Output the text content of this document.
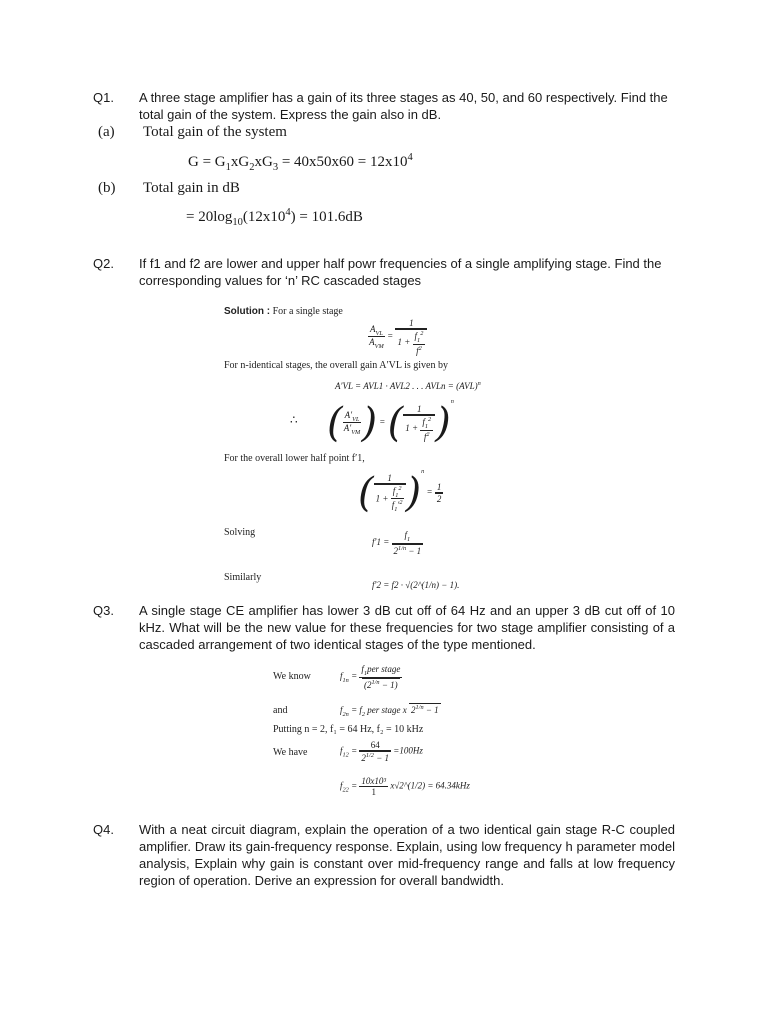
Q1. A three stage amplifier has a gain of its three stages as 40, 50, and 60 respectively. Find the total gain of the system. Express the gain also in dB.
(a) Total gain of the system
$G = G_1xG_2xG_3 = 40x50x60 = 12x10^4$
(b) Total gain in dB
= $20\log_{10}(12x10^4) = 101.6dB$
Q2. If f1 and f2 are lower and upper half powr frequencies of a single amplifying stage. Find the corresponding values for ‘n’ RC cascaded stages
Solution : For a single stage
$\frac{A_{VL}}{A_{VM}} = \frac{1}{1 + \frac{f_1^2}{f^2}}$
For n-identical stages, the overall gain A′VL is given by
A′VL = AVL1 · AVL2 . . . AVLn = (AVL)$^n$
∴ ( $\frac{A'_{VL}}{A'_{VM}}$ ) = ( $\frac{1}{1 + \frac{f_1^2}{f^2}} )^n$
For the overall lower half point f′1,
( $\frac{1}{1 + \frac{f_1^2}{f_1'^2}} )^n = \frac{1}{2}$
Solving
$f'1 = \frac{f_1}{2^{1/n} - 1}$
Similarly
f′2 = f2 · √(2^(1/n) − 1).
Q3. A single stage CE amplifier has lower 3 dB cut off of 64 Hz and an upper 3 dB cut off of 10 kHz. What will be the new value for these frequencies for two stage amplifier consisting of a cascaded arrangement of two identical stages of the type mentioned.
We know	$f_{1n} = \frac{f_1per stage}{(2^{1/n} - 1)}$
and	$f_{2n} = f_2$ per stage x $2^{1/n} - 1$
Putting n = 2, f₁ = 64 Hz, f₂ = 10 kHz
We have	$f_{12} = \frac{64}{2^{1/2} - 1} =100Hz$
$f_{22} = \frac{\text{10x10³}}{1}$ x√2^(1/2) = 64.34kHz
Q4. With a neat circuit diagram, explain the operation of a two identical gain stage R-C coupled amplifier. Draw its gain-frequency response. Explain, using low frequency h parameter model analysis, Explain why gain is constant over mid-frequency range and falls at low frequency region of operation. Derive an expression for overall bandwidth.
